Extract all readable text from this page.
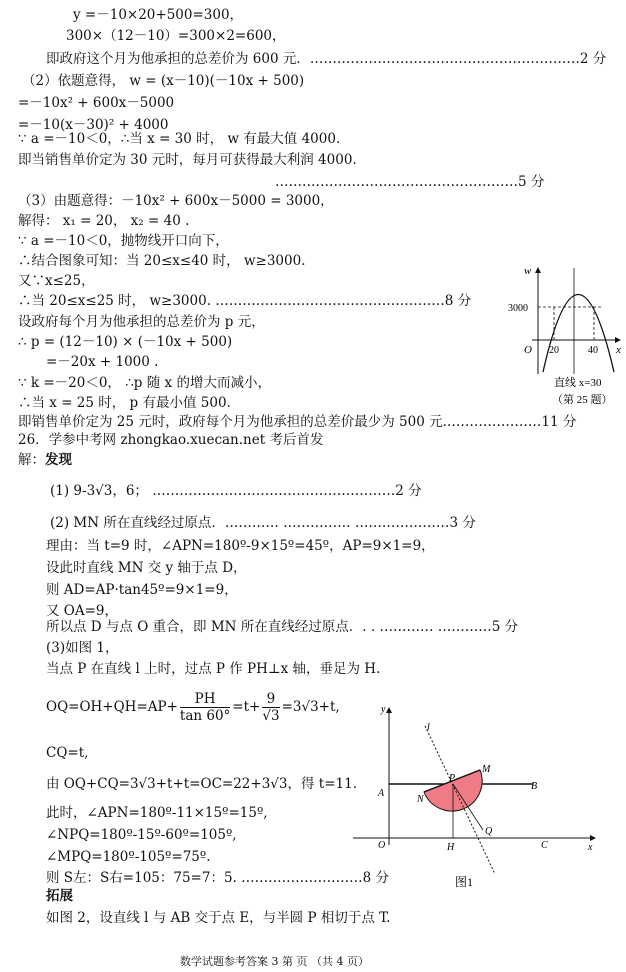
y =－10×20+500=300，
300×（12－10）=300×2=600，
即政府这个月为他承担的总差价为 600 元．……………………………………………………2 分
（2）依题意得， w = (x－10)(－10x + 500)
=－10x² + 600x－5000
=－10(x－30)² + 4000
∵ a =－10＜0，∴当 x = 30 时， w 有最大值 4000.
即当销售单价定为 30 元时，每月可获得最大利润 4000.
………………………………………………5 分
（3）由题意得：－10x² + 600x－5000 = 3000，
解得： x₁ = 20， x₂ = 40 .
∵ a =－10＜0，抛物线开口向下，
∴结合图象可知：当 20≤x≤40 时， w≥3000.
又∵x≤25，
∴当 20≤x≤25 时， w≥3000. ……………………………………………8 分
设政府每个月为他承担的总差价为 p 元，
∴ p = (12－10) × (－10x + 500)
=－20x + 1000 .
∵ k =－20＜0， ∴p 随 x 的增大而减小，
∴当 x = 25 时， p 有最小值 500.
即销售单价定为 25 元时，政府每个月为他承担的总差价最少为 500 元.…………………11 分
26．学参中考网 zhongkao.xuecan.net 考后首发
解：发现
(1) 9-3√3，6； ………………………………………………2 分
(2) MN 所在直线经过原点．………… …………… …………………3 分
理由：当 t=9 时，∠APN=180º-9×15º=45º，AP=9×1=9，
设此时直线 MN 交 y 轴于点 D，
则 AD=AP·tan45º=9×1=9，
又 OA=9，
所以点 D 与点 O 重合，即 MN 所在直线经过原点．. . ………… …………5 分
(3)如图 1，
当点 P 在直线 l 上时，过点 P 作 PH⊥x 轴，垂足为 H.
$OQ=OH+QH=AP+ \frac{PH}{\tan 60^\circ} =t+ \frac{9}{√3} =3√3+t$,
CQ=t,
由 OQ+CQ=3√3+t+t=OC=22+3√3，得 t=11.
此时，∠APN=180º-11×15º=15º,
∠NPQ=180º-15º-60º=105º,
∠MPQ=180º-105º=75º.
则 S左：S右=105：75=7：5. ………………………8 分
拓展
如图 2，设直线 l 与 AB 交于点 E，与半圆 P 相切于点 T.
数学试题参考答案 3 第 页 （共 4 页）
w
x
O
3000
20	40
直线 x=30
（第 25 题）
y
x
l
A
B
P
M
N
Q
O	H	C
图1
